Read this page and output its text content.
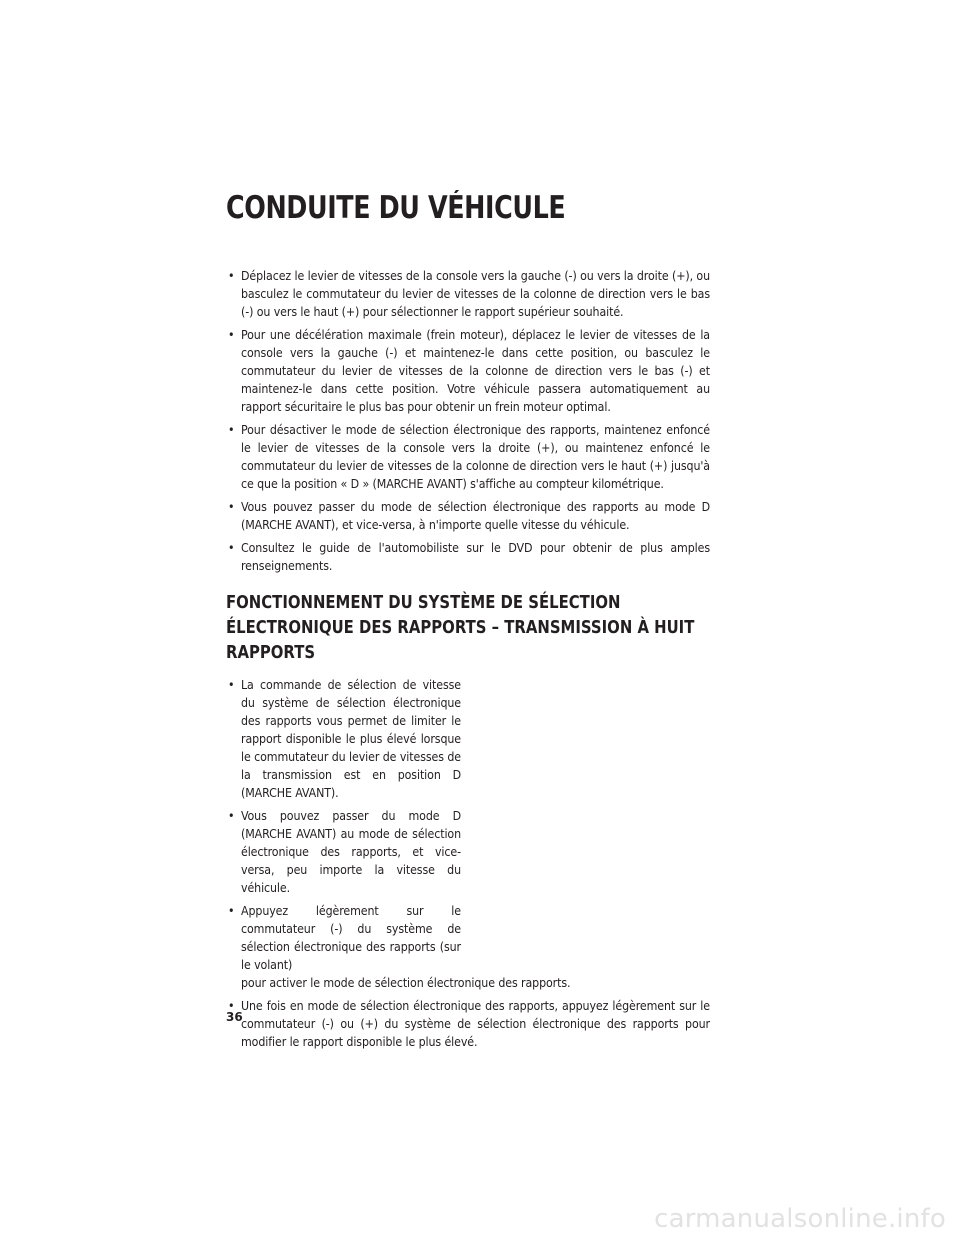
CONDUITE DU VÉHICULE
• Déplacez le levier de vitesses de la console vers la gauche (-) ou vers la droite (+), ou basculez le commutateur du levier de vitesses de la colonne de direction vers le bas (-) ou vers le haut (+) pour sélectionner le rapport supérieur souhaité.
• Pour une décélération maximale (frein moteur), déplacez le levier de vitesses de la console vers la gauche (-) et maintenez-le dans cette position, ou basculez le commutateur du levier de vitesses de la colonne de direction vers le bas (-) et maintenez-le dans cette position. Votre véhicule passera automatiquement au rapport sécuritaire le plus bas pour obtenir un frein moteur optimal.
• Pour désactiver le mode de sélection électronique des rapports, maintenez enfoncé le levier de vitesses de la console vers la droite (+), ou maintenez enfoncé le commutateur du levier de vitesses de la colonne de direction vers le haut (+) jusqu'à ce que la position « D » (MARCHE AVANT) s'affiche au compteur kilométrique.
• Vous pouvez passer du mode de sélection électronique des rapports au mode D (MARCHE AVANT), et vice-versa, à n'importe quelle vitesse du véhicule.
• Consultez le guide de l'automobiliste sur le DVD pour obtenir de plus amples renseignements.
FONCTIONNEMENT DU SYSTÈME DE SÉLECTION
ÉLECTRONIQUE DES RAPPORTS – TRANSMISSION À HUIT
RAPPORTS
• La commande de sélection de vitesse du système de sélection électronique des rapports vous permet de limiter le rapport disponible le plus élevé lorsque le commutateur du levier de vitesses de la transmission est en position D (MARCHE AVANT).
• Vous pouvez passer du mode D (MARCHE AVANT) au mode de sélection électronique des rapports, et vice-versa, peu importe la vitesse du véhicule.
• Appuyez légèrement sur le commutateur (-) du système de sélection électronique des rapports (sur le volant)
pour activer le mode de sélection électronique des rapports.
• Une fois en mode de sélection électronique des rapports, appuyez légèrement sur le commutateur (-) ou (+) du système de sélection électronique des rapports pour modifier le rapport disponible le plus élevé.
36
carmanualsonline.info
